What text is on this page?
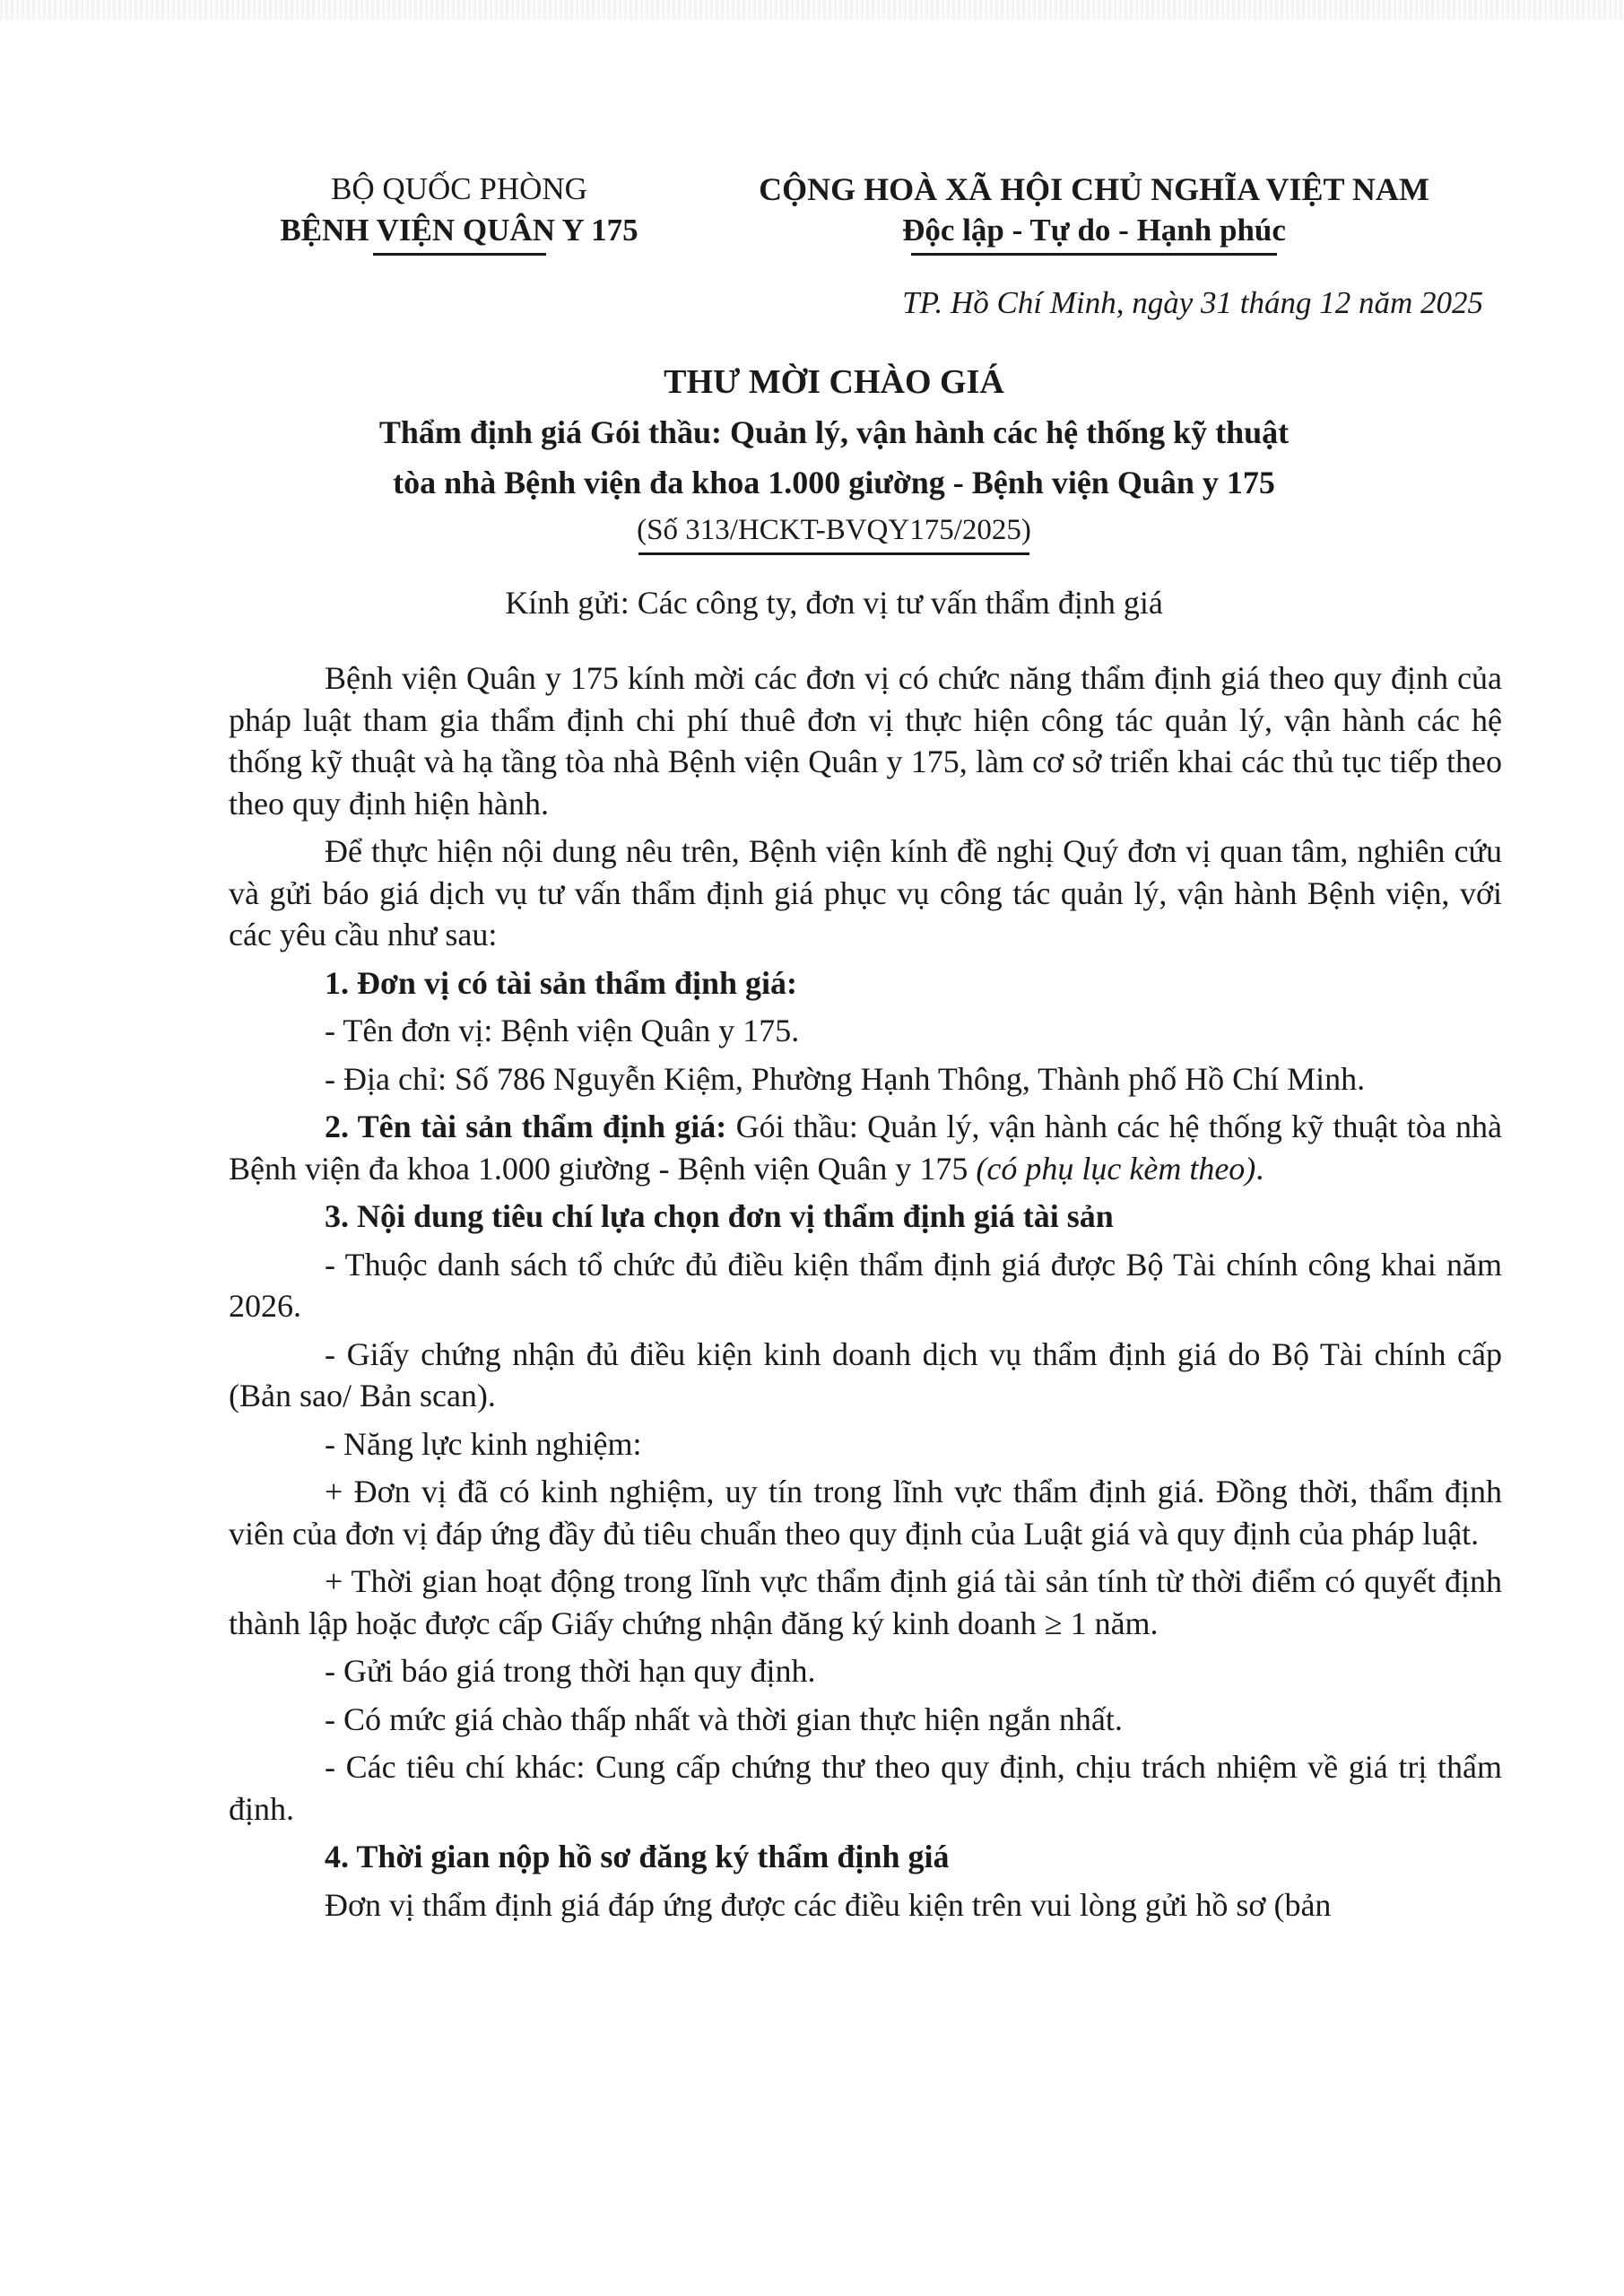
BỘ QUỐC PHÒNG
BỆNH VIỆN QUÂN Y 175
CỘNG HOÀ XÃ HỘI CHỦ NGHĨA VIỆT NAM
Độc lập - Tự do - Hạnh phúc
TP. Hồ Chí Minh, ngày 31 tháng 12 năm 2025
THƯ MỜI CHÀO GIÁ
Thẩm định giá Gói thầu: Quản lý, vận hành các hệ thống kỹ thuật
tòa nhà Bệnh viện đa khoa 1.000 giường - Bệnh viện Quân y 175
(Số 313/HCKT-BVQY175/2025)
Kính gửi: Các công ty, đơn vị tư vấn thẩm định giá

Bệnh viện Quân y 175 kính mời các đơn vị có chức năng thẩm định giá theo quy định của pháp luật tham gia thẩm định chi phí thuê đơn vị thực hiện công tác quản lý, vận hành các hệ thống kỹ thuật và hạ tầng tòa nhà Bệnh viện Quân y 175, làm cơ sở triển khai các thủ tục tiếp theo theo quy định hiện hành.

Để thực hiện nội dung nêu trên, Bệnh viện kính đề nghị Quý đơn vị quan tâm, nghiên cứu và gửi báo giá dịch vụ tư vấn thẩm định giá phục vụ công tác quản lý, vận hành Bệnh viện, với các yêu cầu như sau:

1. Đơn vị có tài sản thẩm định giá:

- Tên đơn vị: Bệnh viện Quân y 175.

- Địa chỉ: Số 786 Nguyễn Kiệm, Phường Hạnh Thông, Thành phố Hồ Chí Minh.

2. Tên tài sản thẩm định giá: Gói thầu: Quản lý, vận hành các hệ thống kỹ thuật tòa nhà Bệnh viện đa khoa 1.000 giường - Bệnh viện Quân y 175 (có phụ lục kèm theo).

3. Nội dung tiêu chí lựa chọn đơn vị thẩm định giá tài sản

- Thuộc danh sách tổ chức đủ điều kiện thẩm định giá được Bộ Tài chính công khai năm 2026.

- Giấy chứng nhận đủ điều kiện kinh doanh dịch vụ thẩm định giá do Bộ Tài chính cấp (Bản sao/ Bản scan).

- Năng lực kinh nghiệm:

+ Đơn vị đã có kinh nghiệm, uy tín trong lĩnh vực thẩm định giá. Đồng thời, thẩm định viên của đơn vị đáp ứng đầy đủ tiêu chuẩn theo quy định của Luật giá và quy định của pháp luật.

+ Thời gian hoạt động trong lĩnh vực thẩm định giá tài sản tính từ thời điểm có quyết định thành lập hoặc được cấp Giấy chứng nhận đăng ký kinh doanh ≥ 1 năm.

- Gửi báo giá trong thời hạn quy định.

- Có mức giá chào thấp nhất và thời gian thực hiện ngắn nhất.

- Các tiêu chí khác: Cung cấp chứng thư theo quy định, chịu trách nhiệm về giá trị thẩm định.

4. Thời gian nộp hồ sơ đăng ký thẩm định giá

Đơn vị thẩm định giá đáp ứng được các điều kiện trên vui lòng gửi hồ sơ (bản
